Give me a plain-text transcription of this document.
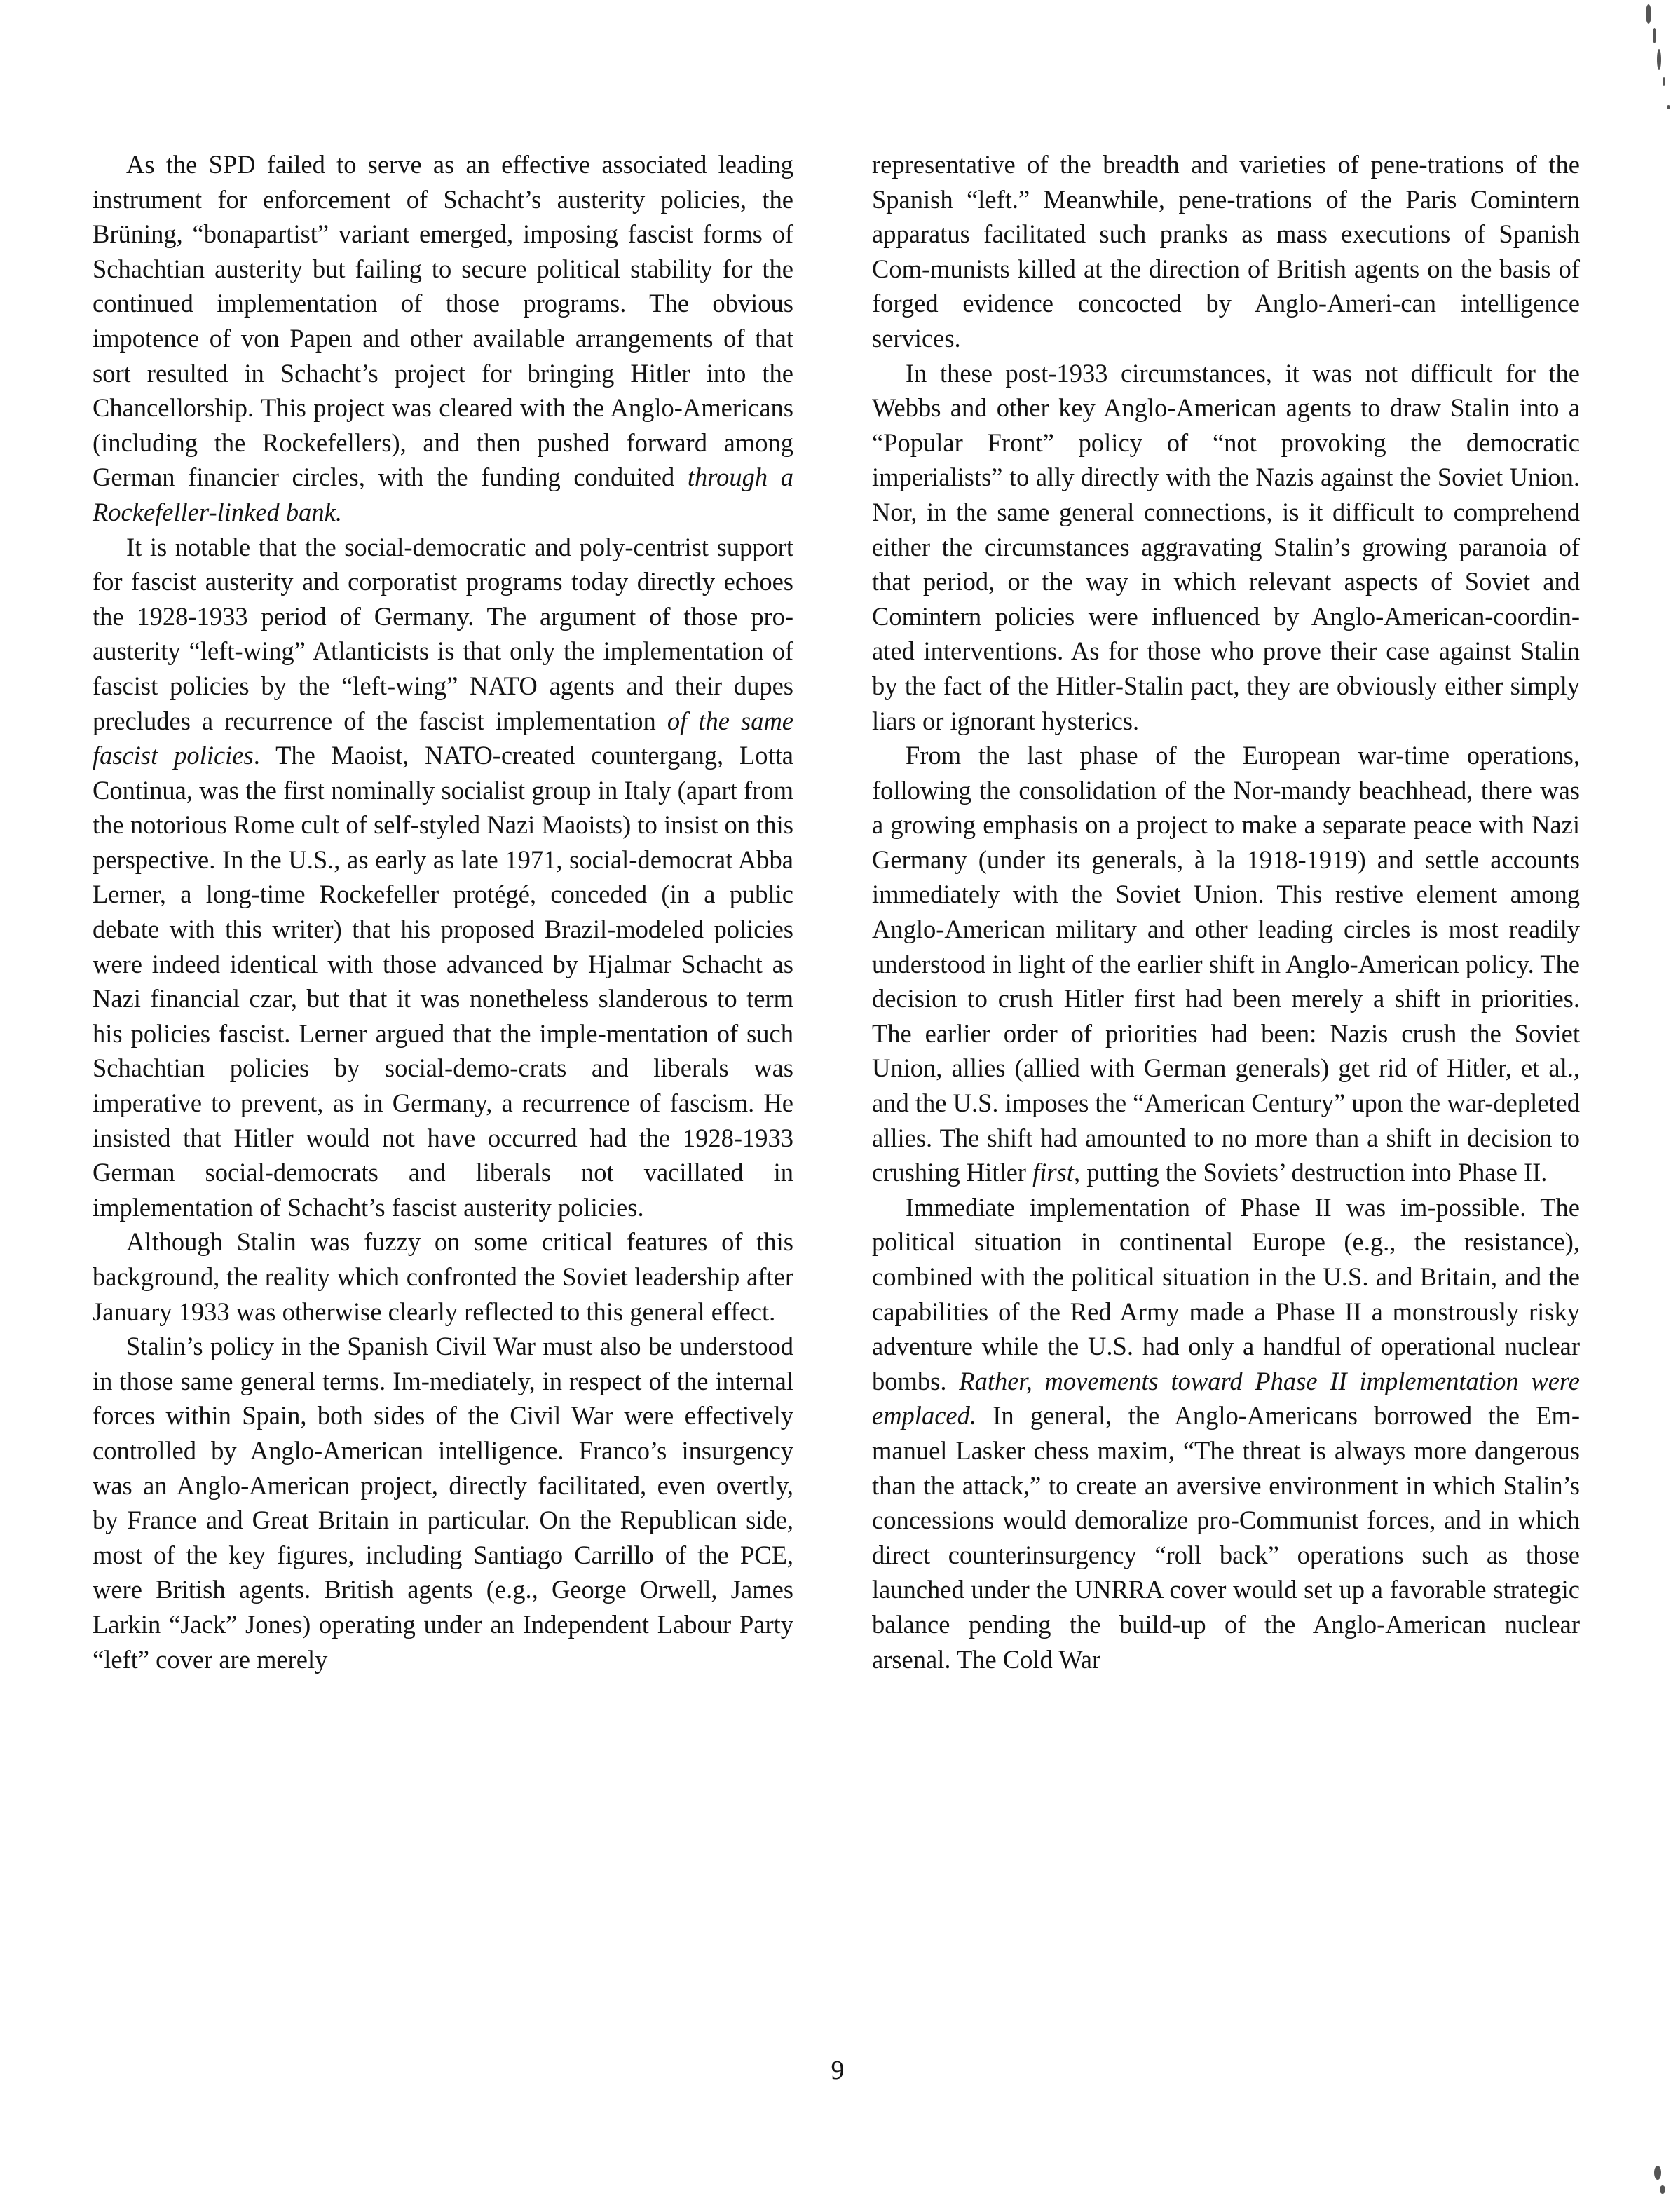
As the SPD failed to serve as an effective associated leading instrument for enforcement of Schacht’s austerity policies, the Brüning, “bonapartist” variant emerged, imposing fascist forms of Schachtian austerity but failing to secure political stability for the continued implementation of those programs. The obvious impotence of von Papen and other available arrangements of that sort resulted in Schacht’s project for bringing Hitler into the Chancellorship. This project was cleared with the Anglo-Americans (including the Rockefellers), and then pushed forward among German financier circles, with the funding conduited through a Rockefeller-linked bank.

It is notable that the social-democratic and poly-centrist support for fascist austerity and corporatist programs today directly echoes the 1928-1933 period of Germany. The argument of those pro-austerity “left-wing” Atlanticists is that only the implementation of fascist policies by the “left-wing” NATO agents and their dupes precludes a recurrence of the fascist implementation of the same fascist policies. The Maoist, NATO-created countergang, Lotta Continua, was the first nominally socialist group in Italy (apart from the notorious Rome cult of self-styled Nazi Maoists) to insist on this perspective. In the U.S., as early as late 1971, social-democrat Abba Lerner, a long-time Rockefeller protégé, conceded (in a public debate with this writer) that his proposed Brazil-modeled policies were indeed identical with those advanced by Hjalmar Schacht as Nazi financial czar, but that it was nonetheless slanderous to term his policies fascist. Lerner argued that the imple-mentation of such Schachtian policies by social-demo-crats and liberals was imperative to prevent, as in Germany, a recurrence of fascism. He insisted that Hitler would not have occurred had the 1928-1933 German social-democrats and liberals not vacillated in implementation of Schacht’s fascist austerity policies.

Although Stalin was fuzzy on some critical features of this background, the reality which confronted the Soviet leadership after January 1933 was otherwise clearly reflected to this general effect.

Stalin’s policy in the Spanish Civil War must also be understood in those same general terms. Im-mediately, in respect of the internal forces within Spain, both sides of the Civil War were effectively controlled by Anglo-American intelligence. Franco’s insurgency was an Anglo-American project, directly facilitated, even overtly, by France and Great Britain in particular. On the Republican side, most of the key figures, including Santiago Carrillo of the PCE, were British agents. British agents (e.g., George Orwell, James Larkin “Jack” Jones) operating under an Independent Labour Party “left” cover are merely

representative of the breadth and varieties of pene-trations of the Spanish “left.” Meanwhile, pene-trations of the Paris Comintern apparatus facilitated such pranks as mass executions of Spanish Com-munists killed at the direction of British agents on the basis of forged evidence concocted by Anglo-Ameri-can intelligence services.

In these post-1933 circumstances, it was not difficult for the Webbs and other key Anglo-American agents to draw Stalin into a “Popular Front” policy of “not provoking the democratic imperialists” to ally directly with the Nazis against the Soviet Union. Nor, in the same general connections, is it difficult to comprehend either the circumstances aggravating Stalin’s growing paranoia of that period, or the way in which relevant aspects of Soviet and Comintern policies were influenced by Anglo-American-coordin-ated interventions. As for those who prove their case against Stalin by the fact of the Hitler-Stalin pact, they are obviously either simply liars or ignorant hysterics.

From the last phase of the European war-time operations, following the consolidation of the Nor-mandy beachhead, there was a growing emphasis on a project to make a separate peace with Nazi Germany (under its generals, à la 1918-1919) and settle accounts immediately with the Soviet Union. This restive element among Anglo-American military and other leading circles is most readily understood in light of the earlier shift in Anglo-American policy. The decision to crush Hitler first had been merely a shift in priorities. The earlier order of priorities had been: Nazis crush the Soviet Union, allies (allied with German generals) get rid of Hitler, et al., and the U.S. imposes the “American Century” upon the war-depleted allies. The shift had amounted to no more than a shift in decision to crushing Hitler first, putting the Soviets’ destruction into Phase II.

Immediate implementation of Phase II was im-possible. The political situation in continental Europe (e.g., the resistance), combined with the political situation in the U.S. and Britain, and the capabilities of the Red Army made a Phase II a monstrously risky adventure while the U.S. had only a handful of operational nuclear bombs. Rather, movements toward Phase II implementation were emplaced. In general, the Anglo-Americans borrowed the Em-manuel Lasker chess maxim, “The threat is always more dangerous than the attack,” to create an aversive environment in which Stalin’s concessions would demoralize pro-Communist forces, and in which direct counterinsurgency “roll back” operations such as those launched under the UNRRA cover would set up a favorable strategic balance pending the build-up of the Anglo-American nuclear arsenal. The Cold War

9
